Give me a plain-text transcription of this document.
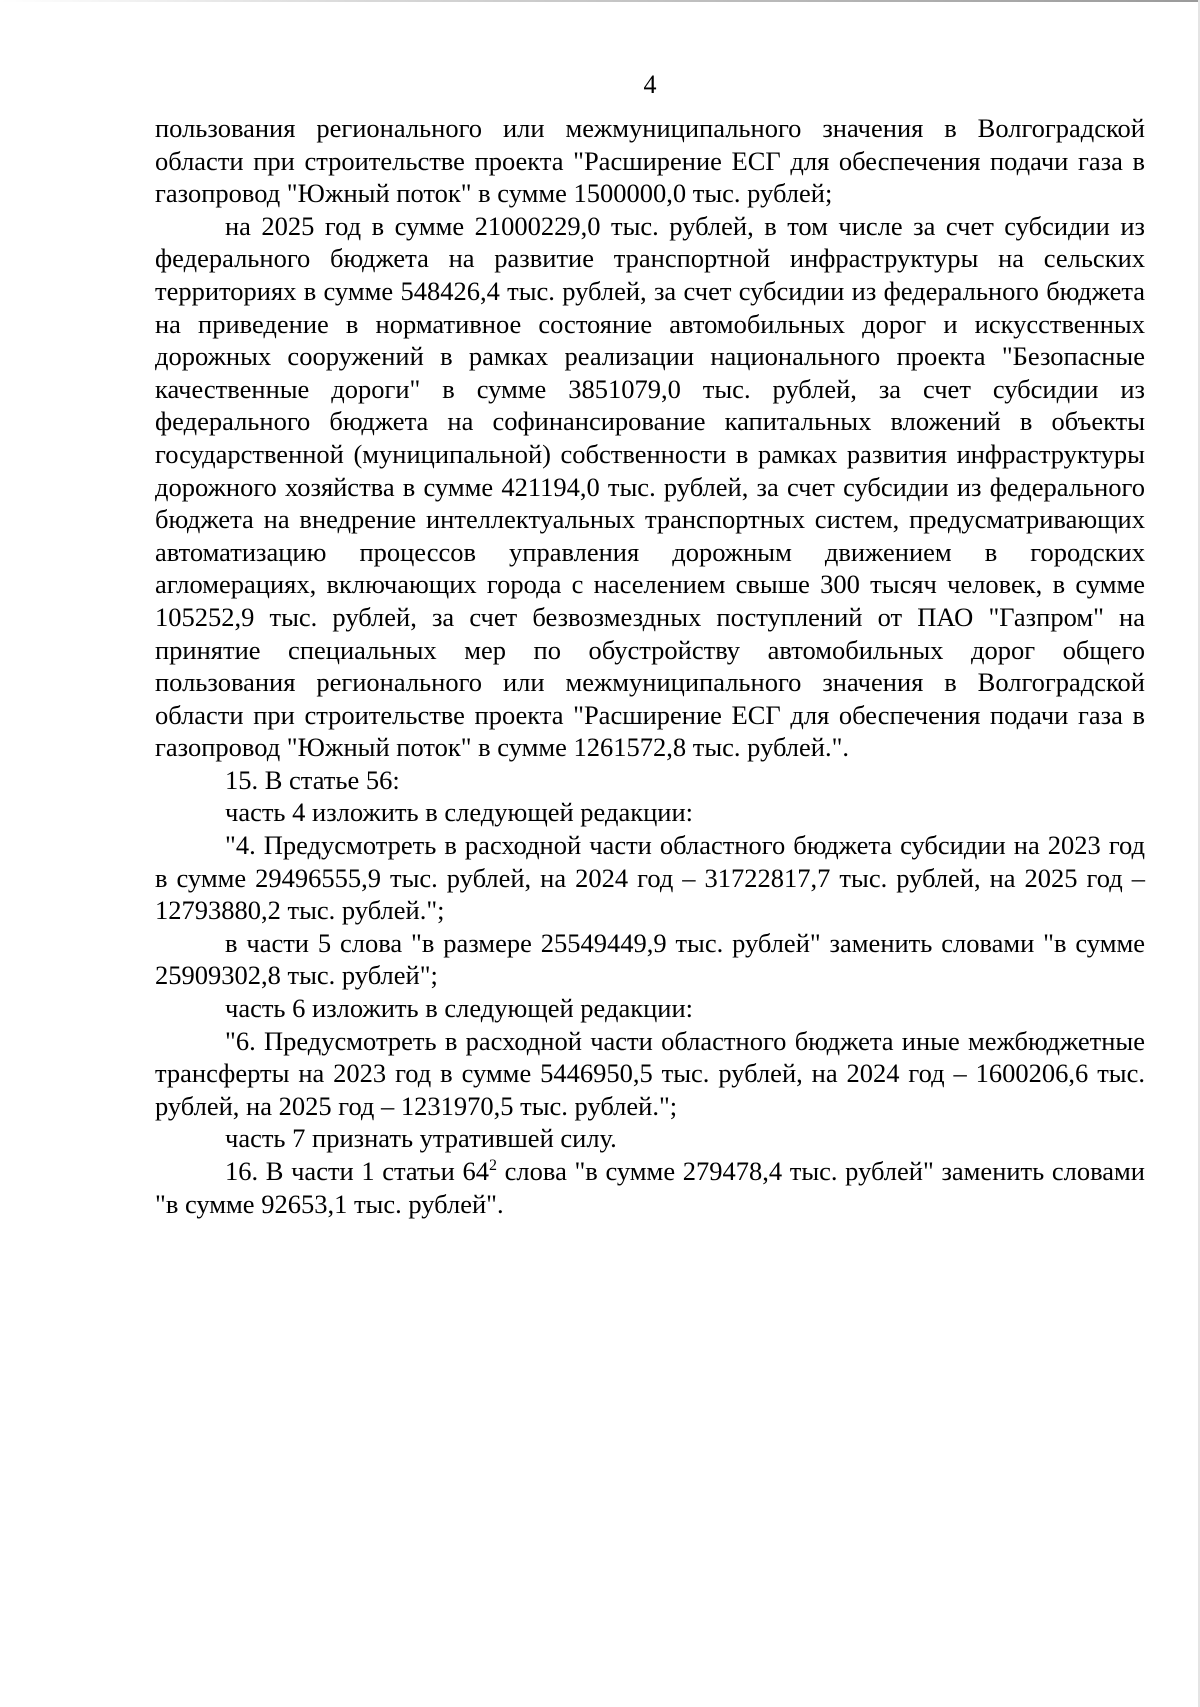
4

пользования регионального или межмуниципального значения в Волгоградской области при строительстве проекта "Расширение ЕСГ для обеспечения подачи газа в газопровод "Южный поток" в сумме 1500000,0 тыс. рублей;

на 2025 год в сумме 21000229,0 тыс. рублей, в том числе за счет субсидии из федерального бюджета на развитие транспортной инфраструктуры на сельских территориях в сумме 548426,4 тыс. рублей, за счет субсидии из федерального бюджета на приведение в нормативное состояние автомобильных дорог и искусственных дорожных сооружений в рамках реализации национального проекта "Безопасные качественные дороги" в сумме 3851079,0 тыс. рублей, за счет субсидии из федерального бюджета на софинансирование капитальных вложений в объекты государственной (муниципальной) собственности в рамках развития инфраструктуры дорожного хозяйства в сумме 421194,0 тыс. рублей, за счет субсидии из федерального бюджета на внедрение интеллектуальных транспортных систем, предусматривающих автоматизацию процессов управления дорожным движением в городских агломерациях, включающих города с населением свыше 300 тысяч человек, в сумме 105252,9 тыс. рублей, за счет безвозмездных поступлений от ПАО "Газпром" на принятие специальных мер по обустройству автомобильных дорог общего пользования регионального или межмуниципального значения в Волгоградской области при строительстве проекта "Расширение ЕСГ для обеспечения подачи газа в газопровод "Южный поток" в сумме 1261572,8 тыс. рублей.".

15. В статье 56:

часть 4 изложить в следующей редакции:

"4. Предусмотреть в расходной части областного бюджета субсидии на 2023 год в сумме 29496555,9 тыс. рублей, на 2024 год – 31722817,7 тыс. рублей, на 2025 год – 12793880,2 тыс. рублей.";

в части 5 слова "в размере 25549449,9 тыс. рублей" заменить словами "в сумме 25909302,8 тыс. рублей";

часть 6 изложить в следующей редакции:

"6. Предусмотреть в расходной части областного бюджета иные межбюджетные трансферты на 2023 год в сумме 5446950,5 тыс. рублей, на 2024 год – 1600206,6 тыс. рублей, на 2025 год – 1231970,5 тыс. рублей.";

часть 7 признать утратившей силу.

16. В части 1 статьи $64^2$ слова "в сумме 279478,4 тыс. рублей" заменить словами "в сумме 92653,1 тыс. рублей".
